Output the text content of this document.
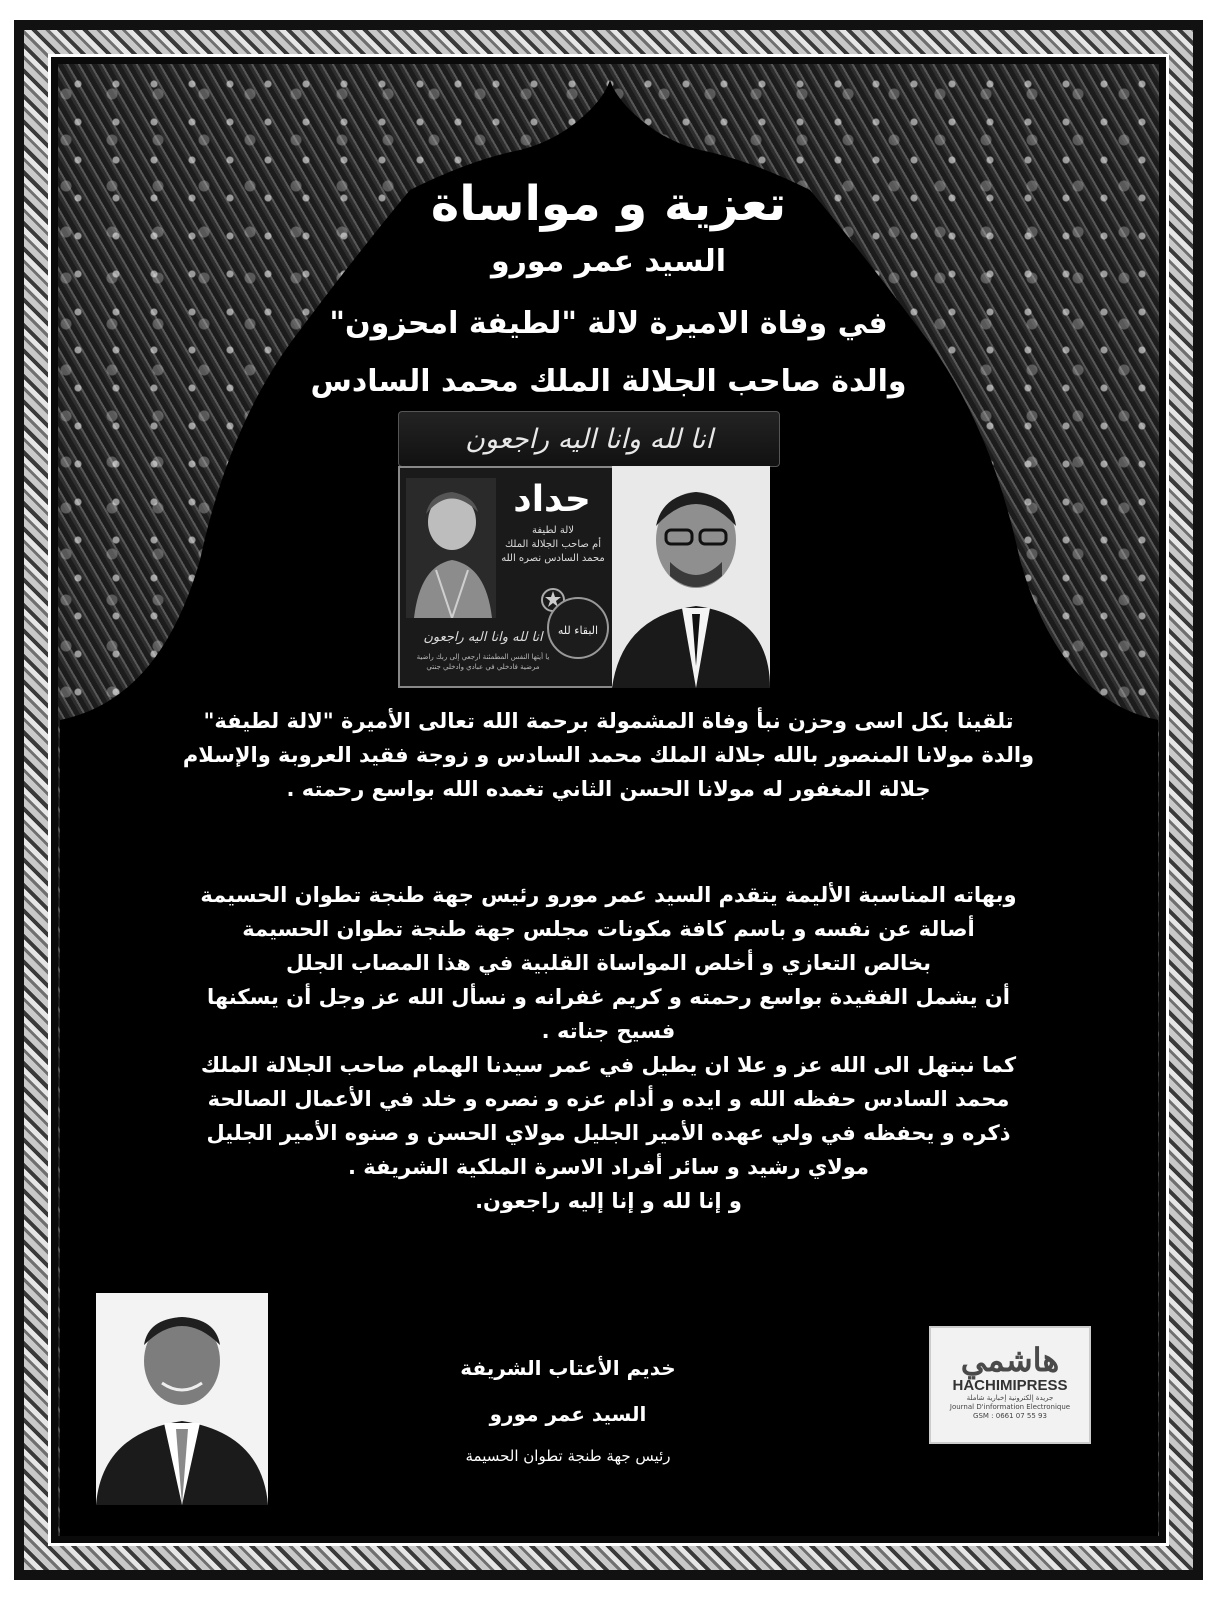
تعزية و مواساة
السيد عمر مورو
في وفاة الاميرة لالة "لطيفة امحزون"
والدة صاحب الجلالة الملك محمد السادس
انا لله وانا اليه راجعون
حداد
لالة لطيفة
أم صاحب الجلالة الملك
محمد السادس نصره الله
انا لله وانا اليه راجعون
يا أيتها النفس المطمئنة ارجعي إلى ربك راضية مرضية فادخلي في عبادي وادخلي جنتي
البقاء لله
تلقينا بكل اسى وحزن نبأ وفاة المشمولة برحمة الله تعالى الأميرة "لالة لطيفة"
والدة مولانا المنصور بالله جلالة الملك محمد السادس و زوجة فقيد العروبة والإسلام
جلالة المغفور له مولانا الحسن الثاني تغمده الله بواسع رحمته .
وبهاته المناسبة الأليمة يتقدم السيد عمر مورو رئيس جهة طنجة تطوان الحسيمة
أصالة عن نفسه و باسم كافة مكونات مجلس جهة طنجة تطوان الحسيمة
بخالص التعازي و أخلص المواساة القلبية في هذا المصاب الجلل
أن يشمل الفقيدة بواسع رحمته و كريم غفرانه و نسأل الله عز وجل أن يسكنها
فسيح جناته .
كما نبتهل الى الله عز و علا ان يطيل في عمر سيدنا الهمام صاحب الجلالة الملك
محمد السادس حفظه الله و ايده و أدام عزه و نصره و خلد في الأعمال الصالحة
ذكره و يحفظه في ولي عهده الأمير الجليل مولاي الحسن و صنوه الأمير الجليل
مولاي رشيد و سائر أفراد الاسرة الملكية الشريفة .
و إنا لله و إنا إليه راجعون.
خديم الأعتاب الشريفة
السيد عمر مورو
رئيس جهة طنجة تطوان الحسيمة
هاشمي
HACHIMIPRESS
جريدة إلكترونية إخبارية شاملة
Journal D'information Electronique
GSM : 0661 07 55 93
